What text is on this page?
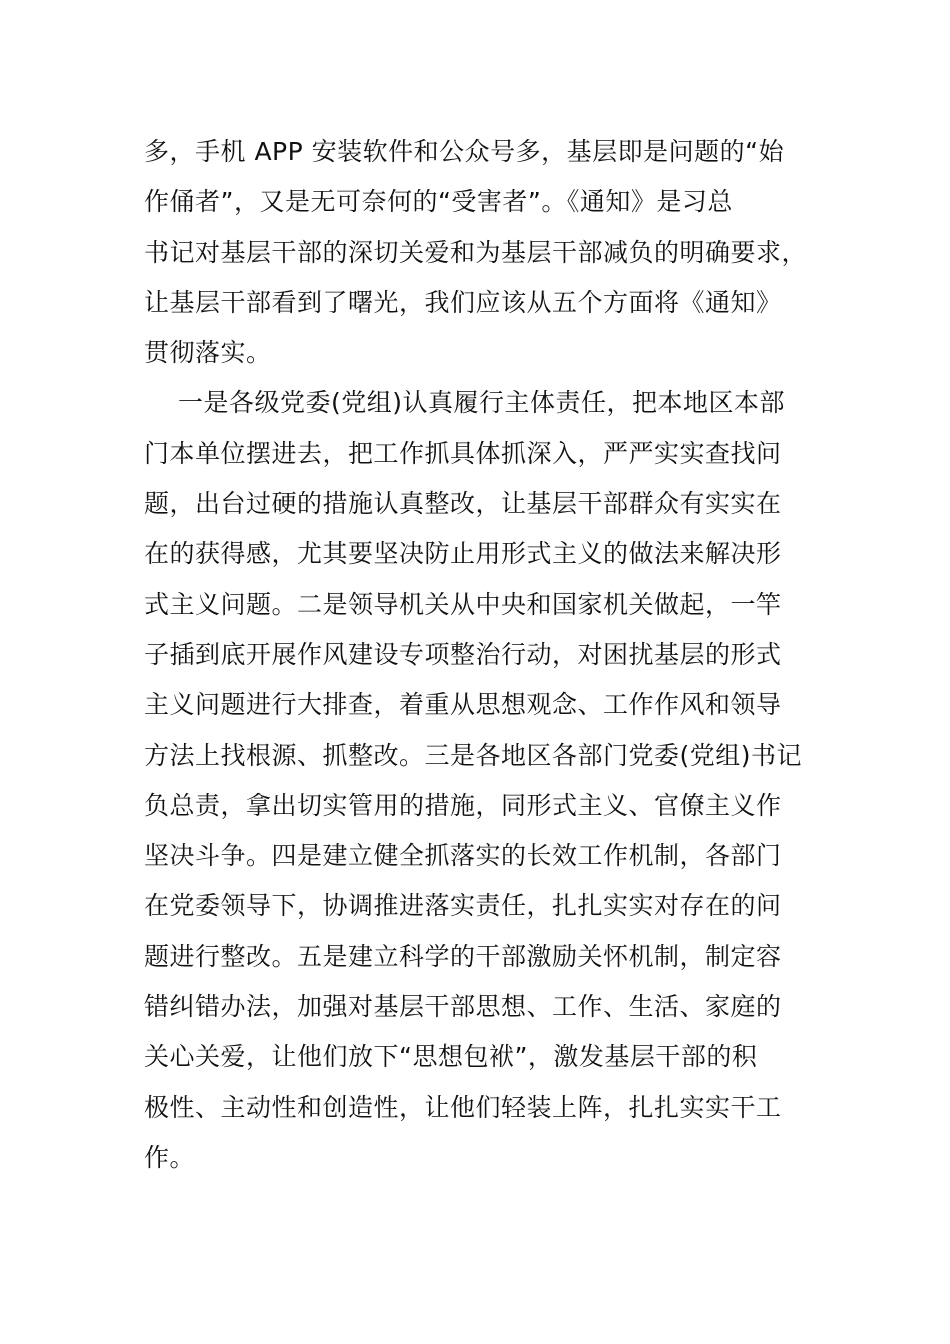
多，手机 APP 安装软件和公众号多，基层即是问题的“始
作俑者”，又是无可奈何的“受害者”。《通知》是习总
书记对基层干部的深切关爱和为基层干部减负的明确要求，
让基层干部看到了曙光，我们应该从五个方面将《通知》
贯彻落实。
一是各级党委(党组)认真履行主体责任，把本地区本部
门本单位摆进去，把工作抓具体抓深入，严严实实查找问
题，出台过硬的措施认真整改，让基层干部群众有实实在
在的获得感，尤其要坚决防止用形式主义的做法来解决形
式主义问题。二是领导机关从中央和国家机关做起，一竿
子插到底开展作风建设专项整治行动，对困扰基层的形式
主义问题进行大排查，着重从思想观念、工作作风和领导
方法上找根源、抓整改。三是各地区各部门党委(党组)书记
负总责，拿出切实管用的措施，同形式主义、官僚主义作
坚决斗争。四是建立健全抓落实的长效工作机制，各部门
在党委领导下，协调推进落实责任，扎扎实实对存在的问
题进行整改。五是建立科学的干部激励关怀机制，制定容
错纠错办法，加强对基层干部思想、工作、生活、家庭的
关心关爱，让他们放下“思想包袱”，激发基层干部的积
极性、主动性和创造性，让他们轻装上阵，扎扎实实干工
作。
